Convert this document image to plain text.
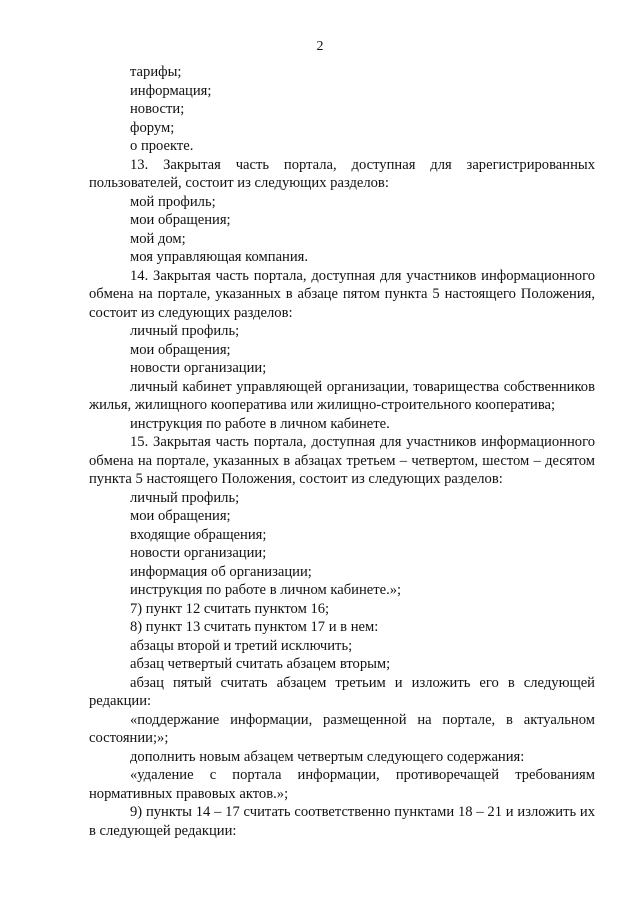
2

тарифы;

информация;

новости;

форум;

о проекте.

13. Закрытая часть портала, доступная для зарегистрированных пользователей, состоит из следующих разделов:

мой профиль;

мои обращения;

мой дом;

моя управляющая компания.

14. Закрытая часть портала, доступная для участников информационного обмена на портале, указанных в абзаце пятом пункта 5 настоящего Положения, состоит из следующих разделов:

личный профиль;

мои обращения;

новости организации;

личный кабинет управляющей организации, товарищества собственников жилья, жилищного кооператива или жилищно-строительного кооператива;

инструкция по работе в личном кабинете.

15. Закрытая часть портала, доступная для участников информационного обмена на портале, указанных в абзацах третьем – четвертом, шестом – десятом пункта 5 настоящего Положения, состоит из следующих разделов:

личный профиль;

мои обращения;

входящие обращения;

новости организации;

информация об организации;

инструкция по работе в личном кабинете.»;

7) пункт 12 считать пунктом 16;

8) пункт 13 считать пунктом 17 и в нем:

абзацы второй и третий исключить;

абзац четвертый считать абзацем вторым;

абзац пятый считать абзацем третьим и изложить его в следующей редакции:

«поддержание информации, размещенной на портале, в актуальном состоянии;»;

дополнить новым абзацем четвертым следующего содержания:

«удаление с портала информации, противоречащей требованиям нормативных правовых актов.»;

9) пункты 14 – 17 считать соответственно пунктами 18 – 21 и изложить их в следующей редакции:
